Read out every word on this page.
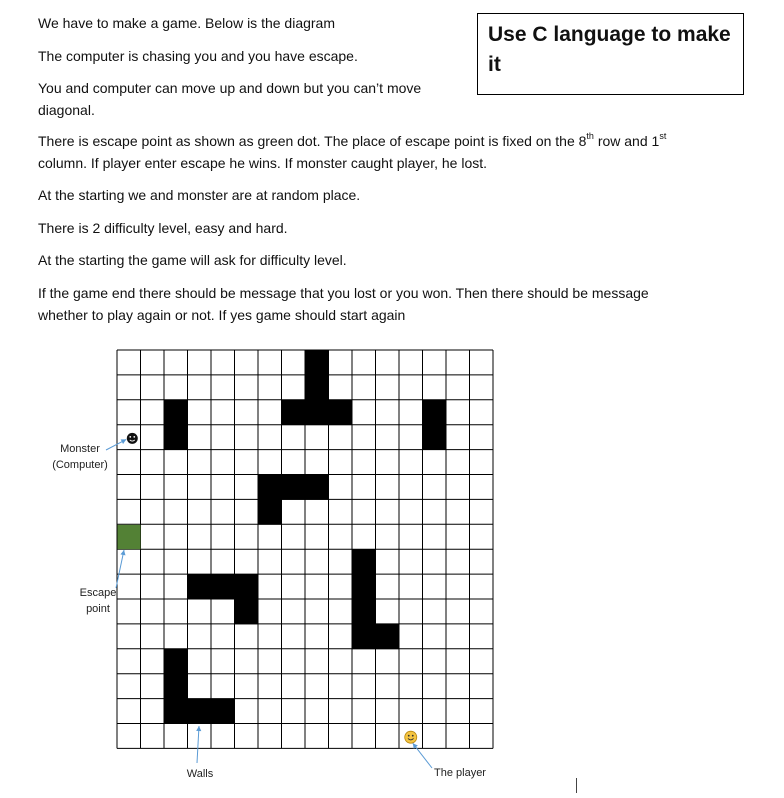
We have to make a game. Below is the diagram

The computer is chasing you and you have escape.

You and computer can move up and down but you can’t move diagonal.

There is escape point as shown as green dot. The place of escape point is fixed on the 8th row and 1st column. If player enter escape he wins. If monster caught player, he lost.

At the starting we and monster are at random place.

There is 2 difficulty level, easy and hard.

At the starting the game will ask for difficulty level.

If the game end there should be message that you lost or you won. Then there should be message whether to play again or not. If yes game should start again

Use C language to make it
Monster (Computer)
Escape point
Walls	The player
